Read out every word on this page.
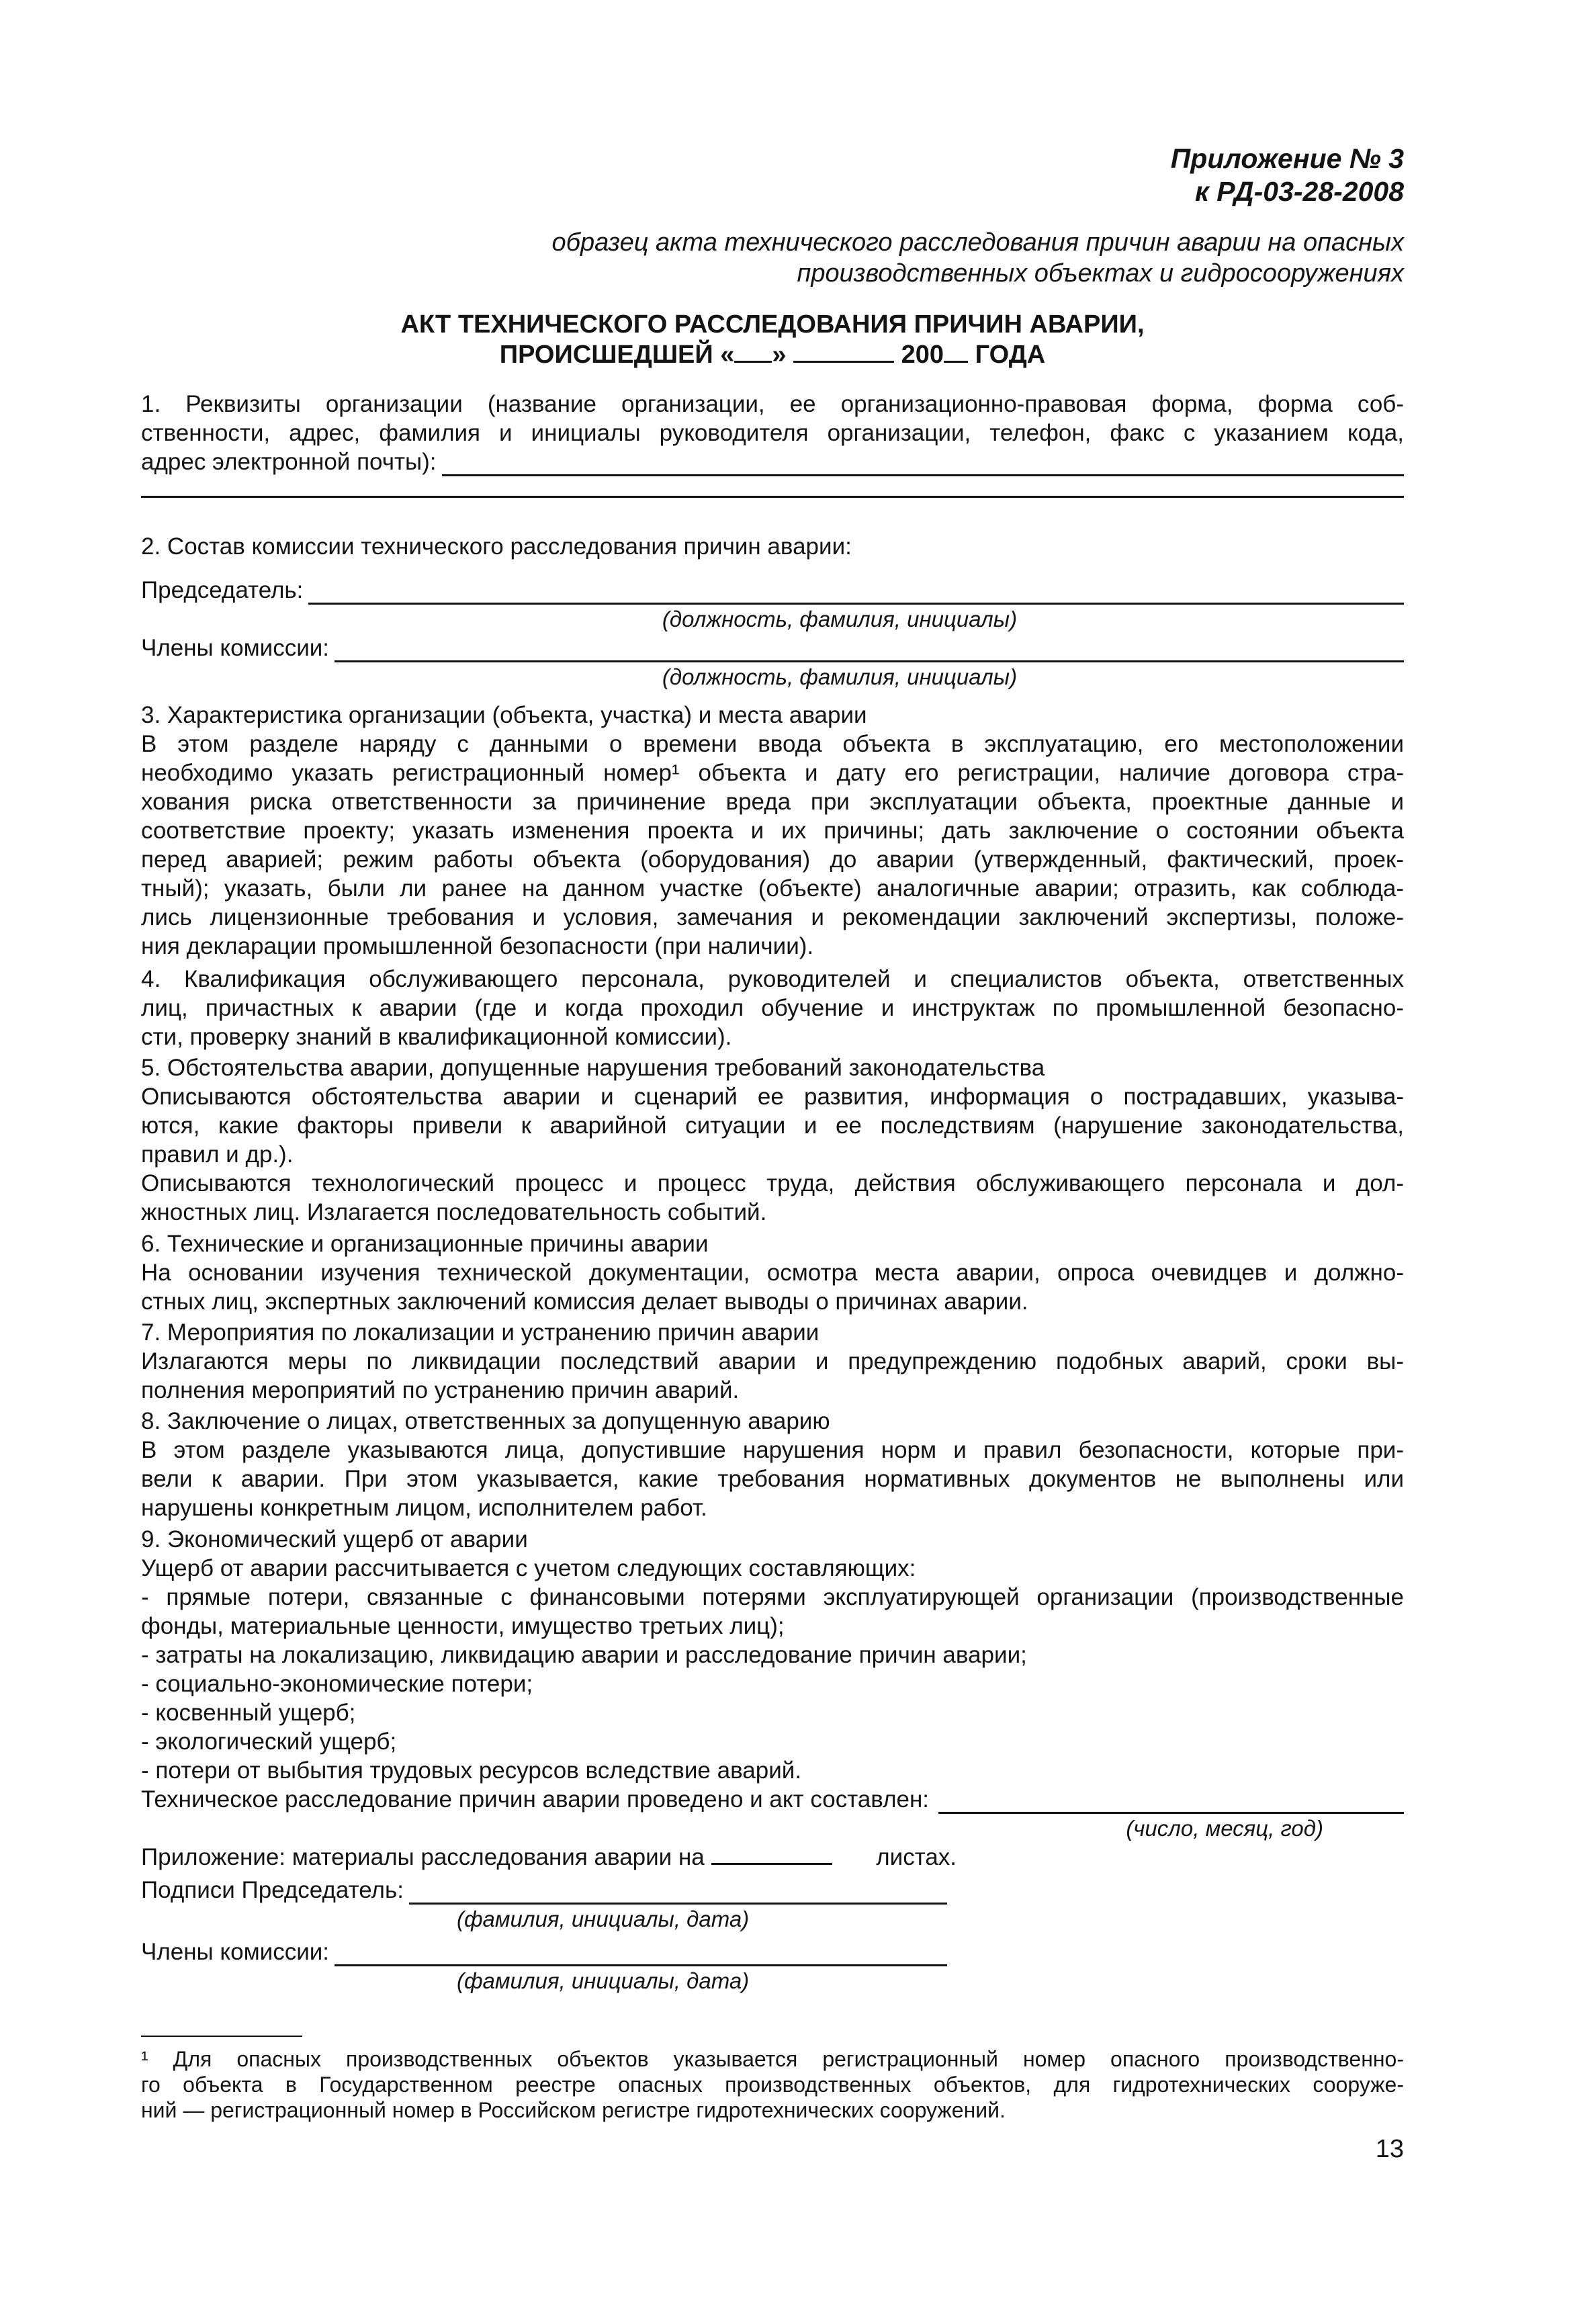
Приложение № 3
к РД-03-28-2008
образец акта технического расследования причин аварии на опасных
производственных объектах и гидросооружениях
АКТ ТЕХНИЧЕСКОГО РАССЛЕДОВАНИЯ ПРИЧИН АВАРИИ,
ПРОИСШЕДШЕЙ « »	200 ГОДА
1. Реквизиты организации (название организации, ее организационно-правовая форма, форма соб-
ственности, адрес, фамилия и инициалы руководителя организации, телефон, факс с указанием кода,
адрес электронной почты):
2. Состав комиссии технического расследования причин аварии:
Председатель:
(должность, фамилия, инициалы)
Члены комиссии:
(должность, фамилия, инициалы)
3. Характеристика организации (объекта, участка) и места аварии
В этом разделе наряду с данными о времени ввода объекта в эксплуатацию, его местоположении
необходимо указать регистрационный номер¹ объекта и дату его регистрации, наличие договора стра-
хования риска ответственности за причинение вреда при эксплуатации объекта, проектные данные и
соответствие проекту; указать изменения проекта и их причины; дать заключение о состоянии объекта
перед аварией; режим работы объекта (оборудования) до аварии (утвержденный, фактический, проек-
тный); указать, были ли ранее на данном участке (объекте) аналогичные аварии; отразить, как соблюда-
лись лицензионные требования и условия, замечания и рекомендации заключений экспертизы, положе-
ния декларации промышленной безопасности (при наличии).
4. Квалификация обслуживающего персонала, руководителей и специалистов объекта, ответственных
лиц, причастных к аварии (где и когда проходил обучение и инструктаж по промышленной безопасно-
сти, проверку знаний в квалификационной комиссии).
5. Обстоятельства аварии, допущенные нарушения требований законодательства
Описываются обстоятельства аварии и сценарий ее развития, информация о пострадавших, указыва-
ются, какие факторы привели к аварийной ситуации и ее последствиям (нарушение законодательства,
правил и др.).
Описываются технологический процесс и процесс труда, действия обслуживающего персонала и дол-
жностных лиц. Излагается последовательность событий.
6. Технические и организационные причины аварии
На основании изучения технической документации, осмотра места аварии, опроса очевидцев и должно-
стных лиц, экспертных заключений комиссия делает выводы о причинах аварии.
7. Мероприятия по локализации и устранению причин аварии
Излагаются меры по ликвидации последствий аварии и предупреждению подобных аварий, сроки вы-
полнения мероприятий по устранению причин аварий.
8. Заключение о лицах, ответственных за допущенную аварию
В этом разделе указываются лица, допустившие нарушения норм и правил безопасности, которые при-
вели к аварии. При этом указывается, какие требования нормативных документов не выполнены или
нарушены конкретным лицом, исполнителем работ.
9. Экономический ущерб от аварии
Ущерб от аварии рассчитывается с учетом следующих составляющих:
- прямые потери, связанные с финансовыми потерями эксплуатирующей организации (производственные
фонды, материальные ценности, имущество третьих лиц);
- затраты на локализацию, ликвидацию аварии и расследование причин аварии;
- социально-экономические потери;
- косвенный ущерб;
- экологический ущерб;
- потери от выбытия трудовых ресурсов вследствие аварий.
Техническое расследование причин аварии проведено и акт составлен:
(число, месяц, год)
Приложение: материалы расследования аварии на	листах.
Подписи Председатель:
(фамилия, инициалы, дата)
Члены комиссии:
(фамилия, инициалы, дата)
¹ Для опасных производственных объектов указывается регистрационный номер опасного производственно-
го объекта в Государственном реестре опасных производственных объектов, для гидротехнических сооруже-
ний — регистрационный номер в Российском регистре гидротехнических сооружений.
13
